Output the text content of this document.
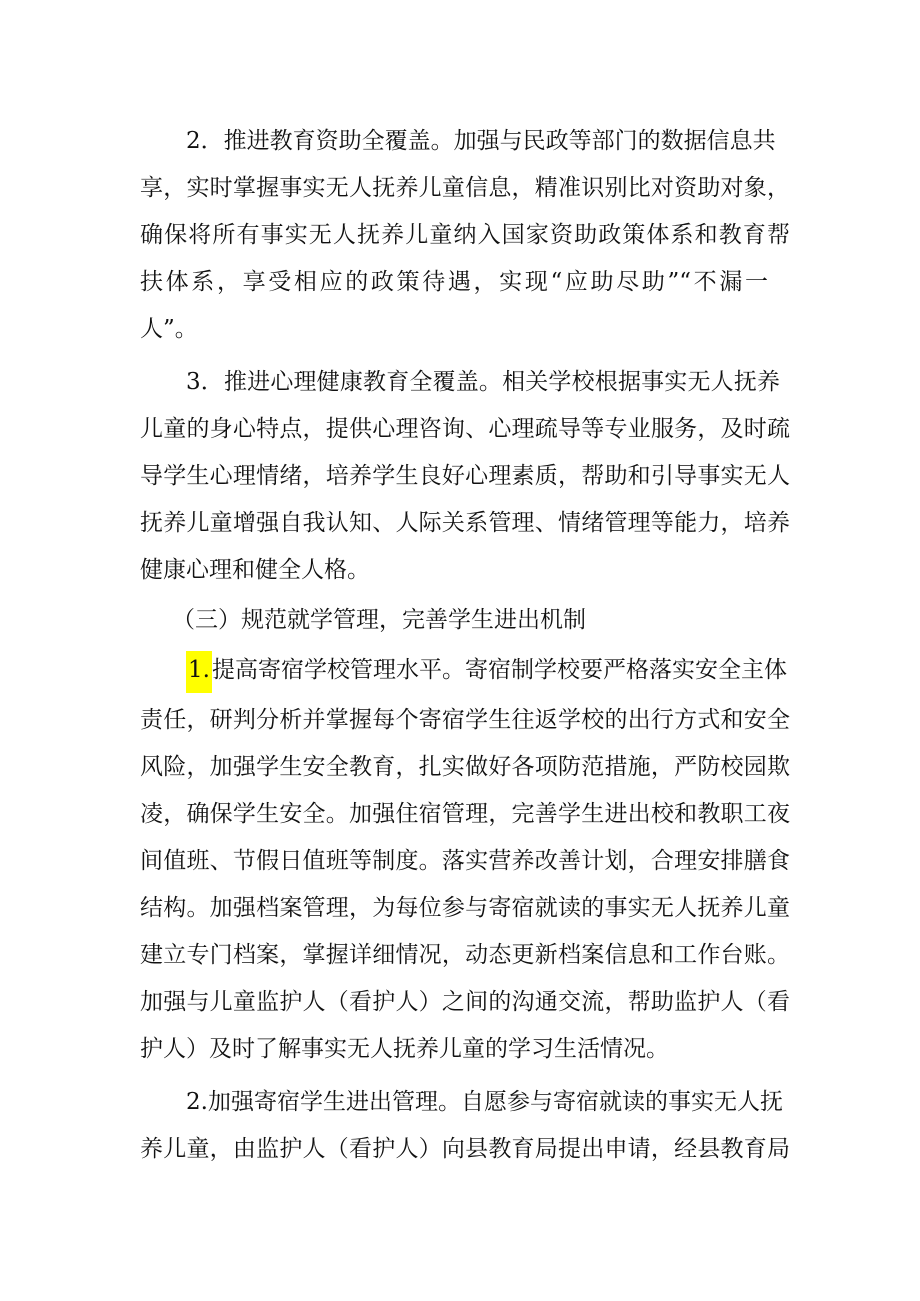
2．推进教育资助全覆盖。加强与民政等部门的数据信息共
享，实时掌握事实无人抚养儿童信息，精准识别比对资助对象，
确保将所有事实无人抚养儿童纳入国家资助政策体系和教育帮
扶体系，享受相应的政策待遇，实现“应助尽助”“不漏一
人”。
3．推进心理健康教育全覆盖。相关学校根据事实无人抚养
儿童的身心特点，提供心理咨询、心理疏导等专业服务，及时疏
导学生心理情绪，培养学生良好心理素质，帮助和引导事实无人
抚养儿童增强自我认知、人际关系管理、情绪管理等能力，培养
健康心理和健全人格。
（三）规范就学管理，完善学生进出机制
1.提高寄宿学校管理水平。寄宿制学校要严格落实安全主体
责任，研判分析并掌握每个寄宿学生往返学校的出行方式和安全
风险，加强学生安全教育，扎实做好各项防范措施，严防校园欺
凌，确保学生安全。加强住宿管理，完善学生进出校和教职工夜
间值班、节假日值班等制度。落实营养改善计划，合理安排膳食
结构。加强档案管理，为每位参与寄宿就读的事实无人抚养儿童
建立专门档案，掌握详细情况，动态更新档案信息和工作台账。
加强与儿童监护人（看护人）之间的沟通交流，帮助监护人（看
护人）及时了解事实无人抚养儿童的学习生活情况。
2.加强寄宿学生进出管理。自愿参与寄宿就读的事实无人抚
养儿童，由监护人（看护人）向县教育局提出申请，经县教育局
